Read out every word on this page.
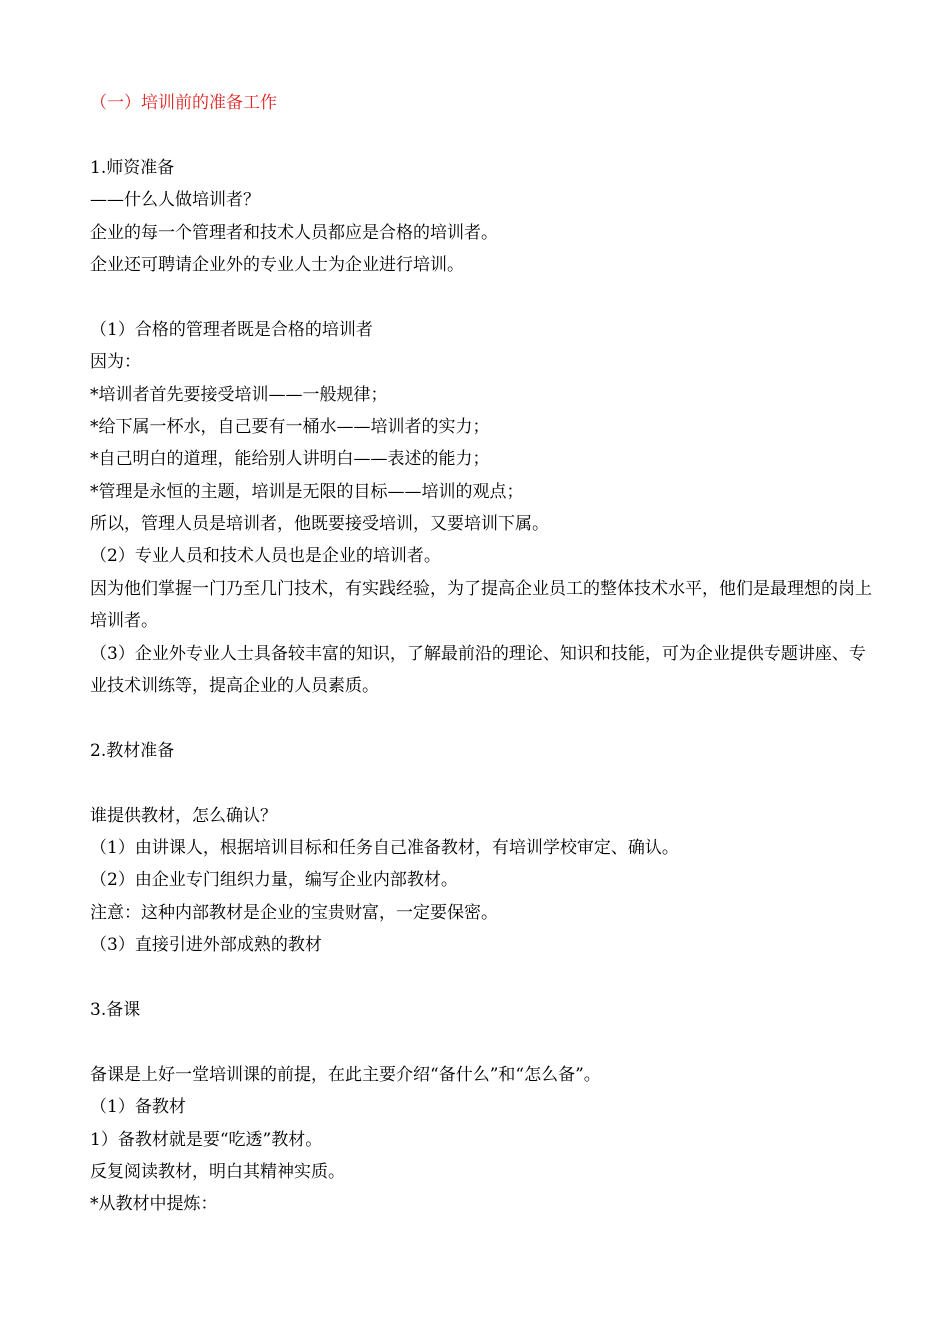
（一）培训前的准备工作
1.师资准备
——什么人做培训者？
企业的每一个管理者和技术人员都应是合格的培训者。
企业还可聘请企业外的专业人士为企业进行培训。
（1）合格的管理者既是合格的培训者
因为：
*培训者首先要接受培训——一般规律；
*给下属一杯水，自己要有一桶水——培训者的实力；
*自己明白的道理，能给别人讲明白——表述的能力；
*管理是永恒的主题，培训是无限的目标——培训的观点；
所以，管理人员是培训者，他既要接受培训，又要培训下属。
（2）专业人员和技术人员也是企业的培训者。
因为他们掌握一门乃至几门技术，有实践经验，为了提高企业员工的整体技术水平，他们是最理想的岗上培训者。
（3）企业外专业人士具备较丰富的知识，了解最前沿的理论、知识和技能，可为企业提供专题讲座、专业技术训练等，提高企业的人员素质。
2.教材准备
谁提供教材，怎么确认？
（1）由讲课人，根据培训目标和任务自己准备教材，有培训学校审定、确认。
（2）由企业专门组织力量，编写企业内部教材。
注意：这种内部教材是企业的宝贵财富，一定要保密。
（3）直接引进外部成熟的教材
3.备课
备课是上好一堂培训课的前提，在此主要介绍“备什么”和“怎么备”。
（1）备教材
1）备教材就是要“吃透”教材。
反复阅读教材，明白其精神实质。
*从教材中提炼：
